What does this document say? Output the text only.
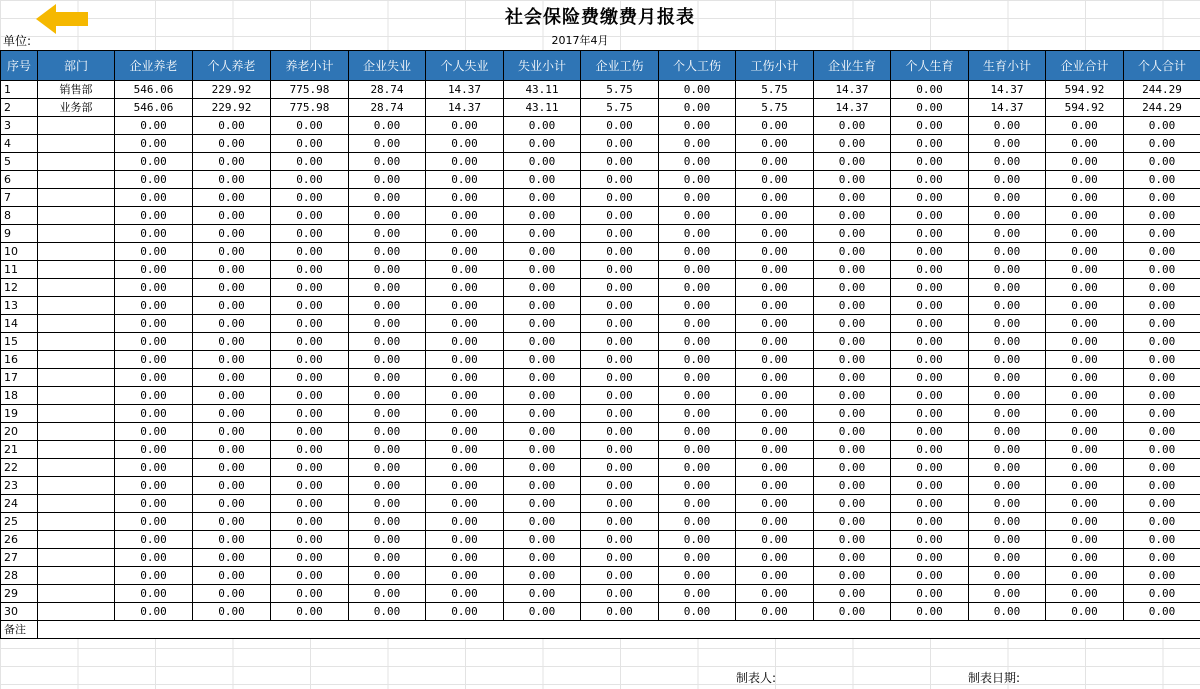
社会保险费缴费月报表
单位:	2017年4月
序号	部门	企业养老	个人养老	养老小计	企业失业	个人失业	失业小计	企业工伤	个人工伤	工伤小计	企业生育	个人生育	生育小计	企业合计	个人合计
1	销售部	546.06	229.92	775.98	28.74	14.37	43.11	5.75	0.00	5.75	14.37	0.00	14.37	594.92	244.29
2	业务部	546.06	229.92	775.98	28.74	14.37	43.11	5.75	0.00	5.75	14.37	0.00	14.37	594.92	244.29
3		0.00	0.00	0.00	0.00	0.00	0.00	0.00	0.00	0.00	0.00	0.00	0.00	0.00	0.00
4		0.00	0.00	0.00	0.00	0.00	0.00	0.00	0.00	0.00	0.00	0.00	0.00	0.00	0.00
5		0.00	0.00	0.00	0.00	0.00	0.00	0.00	0.00	0.00	0.00	0.00	0.00	0.00	0.00
6		0.00	0.00	0.00	0.00	0.00	0.00	0.00	0.00	0.00	0.00	0.00	0.00	0.00	0.00
7		0.00	0.00	0.00	0.00	0.00	0.00	0.00	0.00	0.00	0.00	0.00	0.00	0.00	0.00
8		0.00	0.00	0.00	0.00	0.00	0.00	0.00	0.00	0.00	0.00	0.00	0.00	0.00	0.00
9		0.00	0.00	0.00	0.00	0.00	0.00	0.00	0.00	0.00	0.00	0.00	0.00	0.00	0.00
10		0.00	0.00	0.00	0.00	0.00	0.00	0.00	0.00	0.00	0.00	0.00	0.00	0.00	0.00
11		0.00	0.00	0.00	0.00	0.00	0.00	0.00	0.00	0.00	0.00	0.00	0.00	0.00	0.00
12		0.00	0.00	0.00	0.00	0.00	0.00	0.00	0.00	0.00	0.00	0.00	0.00	0.00	0.00
13		0.00	0.00	0.00	0.00	0.00	0.00	0.00	0.00	0.00	0.00	0.00	0.00	0.00	0.00
14		0.00	0.00	0.00	0.00	0.00	0.00	0.00	0.00	0.00	0.00	0.00	0.00	0.00	0.00
15		0.00	0.00	0.00	0.00	0.00	0.00	0.00	0.00	0.00	0.00	0.00	0.00	0.00	0.00
16		0.00	0.00	0.00	0.00	0.00	0.00	0.00	0.00	0.00	0.00	0.00	0.00	0.00	0.00
17		0.00	0.00	0.00	0.00	0.00	0.00	0.00	0.00	0.00	0.00	0.00	0.00	0.00	0.00
18		0.00	0.00	0.00	0.00	0.00	0.00	0.00	0.00	0.00	0.00	0.00	0.00	0.00	0.00
19		0.00	0.00	0.00	0.00	0.00	0.00	0.00	0.00	0.00	0.00	0.00	0.00	0.00	0.00
20		0.00	0.00	0.00	0.00	0.00	0.00	0.00	0.00	0.00	0.00	0.00	0.00	0.00	0.00
21		0.00	0.00	0.00	0.00	0.00	0.00	0.00	0.00	0.00	0.00	0.00	0.00	0.00	0.00
22		0.00	0.00	0.00	0.00	0.00	0.00	0.00	0.00	0.00	0.00	0.00	0.00	0.00	0.00
23		0.00	0.00	0.00	0.00	0.00	0.00	0.00	0.00	0.00	0.00	0.00	0.00	0.00	0.00
24		0.00	0.00	0.00	0.00	0.00	0.00	0.00	0.00	0.00	0.00	0.00	0.00	0.00	0.00
25		0.00	0.00	0.00	0.00	0.00	0.00	0.00	0.00	0.00	0.00	0.00	0.00	0.00	0.00
26		0.00	0.00	0.00	0.00	0.00	0.00	0.00	0.00	0.00	0.00	0.00	0.00	0.00	0.00
27		0.00	0.00	0.00	0.00	0.00	0.00	0.00	0.00	0.00	0.00	0.00	0.00	0.00	0.00
28		0.00	0.00	0.00	0.00	0.00	0.00	0.00	0.00	0.00	0.00	0.00	0.00	0.00	0.00
29		0.00	0.00	0.00	0.00	0.00	0.00	0.00	0.00	0.00	0.00	0.00	0.00	0.00	0.00
30		0.00	0.00	0.00	0.00	0.00	0.00	0.00	0.00	0.00	0.00	0.00	0.00	0.00	0.00
备注															
制表人:	制表日期:
